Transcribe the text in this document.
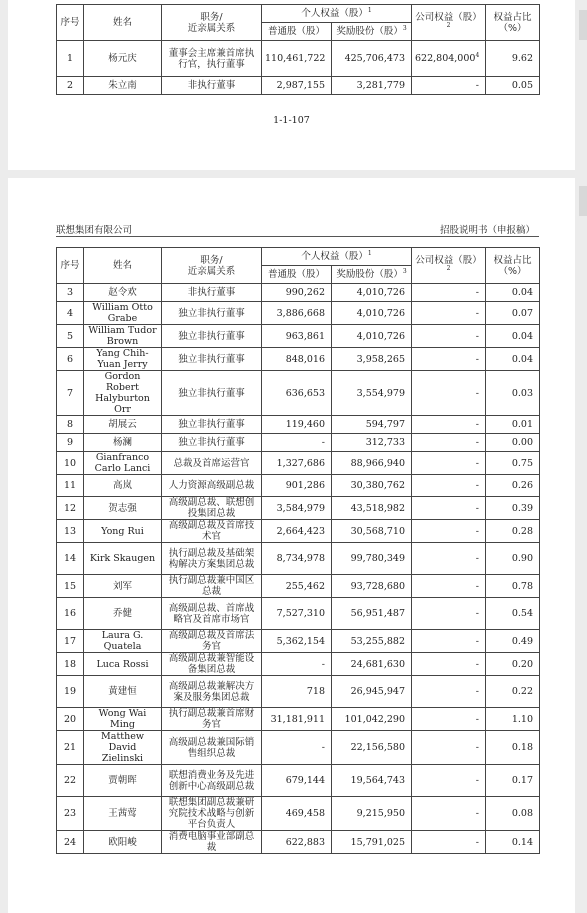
序号	姓名	职务/
近亲属关系	个人权益（股）$^1$		公司权益（股）$^2$	权益占比（%）
			普通股（股）	奖励股份（股）$^3$
1	杨元庆	董事会主席兼首席执行官，执行董事	110,461,722	425,706,473	622,804,000$^4$	9.62
2	朱立南	非执行董事	2,987,155	3,281,779	-	0.05
1-1-107
联想集团有限公司	招股说明书（申报稿）
序号	姓名	职务/
近亲属关系	个人权益（股）$^1$		公司权益（股）$^2$	权益占比（%）
			普通股（股）	奖励股份（股）$^3$
3	赵令欢	非执行董事	990,262	4,010,726	-	0.04
4	William Otto Grabe	独立非执行董事	3,886,668	4,010,726	-	0.07
5	William Tudor Brown	独立非执行董事	963,861	4,010,726	-	0.04
6	Yang Chih-Yuan Jerry	独立非执行董事	848,016	3,958,265	-	0.04
7	Gordon Robert Halyburton Orr	独立非执行董事	636,653	3,554,979	-	0.03
8	胡展云	独立非执行董事	119,460	594,797	-	0.01
9	杨澜	独立非执行董事	-	312,733	-	0.00
10	Gianfranco Carlo Lanci	总裁及首席运营官	1,327,686	88,966,940	-	0.75
11	高岚	人力资源高级副总裁	901,286	30,380,762	-	0.26
12	贺志强	高级副总裁、联想创投集团总裁	3,584,979	43,518,982	-	0.39
13	Yong Rui	高级副总裁及首席技术官	2,664,423	30,568,710	-	0.28
14	Kirk Skaugen	执行副总裁及基础架构解决方案集团总裁	8,734,978	99,780,349	-	0.90
15	刘军	执行副总裁兼中国区总裁	255,462	93,728,680	-	0.78
16	乔健	高级副总裁、首席战略官及首席市场官	7,527,310	56,951,487	-	0.54
17	Laura G. Quatela	高级副总裁及首席法务官	5,362,154	53,255,882	-	0.49
18	Luca Rossi	高级副总裁兼智能设备集团总裁	-	24,681,630	-	0.20
19	黄建恒	高级副总裁兼解决方案及服务集团总裁	718	26,945,947	-	0.22
20	Wong Wai Ming	执行副总裁兼首席财务官	31,181,911	101,042,290	-	1.10
21	Matthew David Zielinski	高级副总裁兼国际销售组织总裁	-	22,156,580	-	0.18
22	贾朝晖	联想消费业务及先进创新中心高级副总裁	679,144	19,564,743	-	0.17
23	王茜莺	联想集团副总裁兼研究院技术战略与创新平台负责人	469,458	9,215,950	-	0.08
24	欧阳峻	消费电脑事业部副总裁	622,883	15,791,025	-	0.14
